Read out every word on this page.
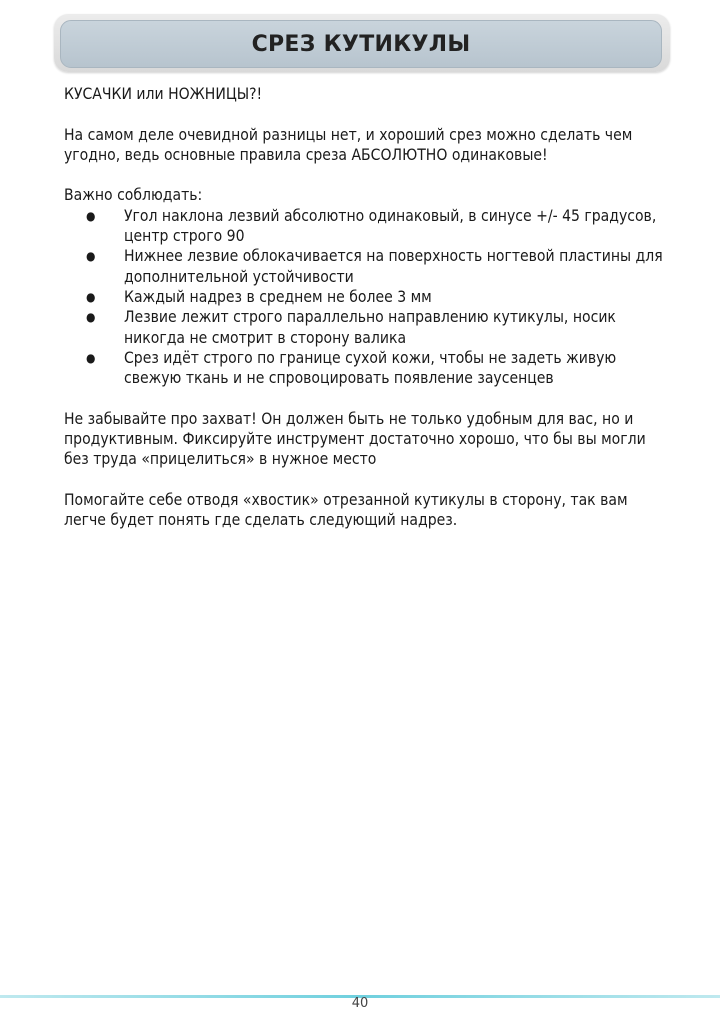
СРЕЗ КУТИКУЛЫ

КУСАЧКИ или НОЖНИЦЫ?!

На самом деле очевидной разницы нет, и хороший срез можно сделать чем угодно, ведь основные правила среза АБСОЛЮТНО одинаковые!

Важно соблюдать:

● Угол наклона лезвий абсолютно одинаковый, в синусе +/- 45 градусов, центр строго 90
● Нижнее лезвие облокачивается на поверхность ногтевой пластины для дополнительной устойчивости
● Каждый надрез в среднем не более 3 мм
● Лезвие лежит строго параллельно направлению кутикулы, носик никогда не смотрит в сторону валика
● Срез идёт строго по границе сухой кожи, чтобы не задеть живую свежую ткань и не спровоцировать появление заусенцев

Не забывайте про захват! Он должен быть не только удобным для вас, но и продуктивным. Фиксируйте инструмент достаточно хорошо, что бы вы могли без труда «прицелиться» в нужное место

Помогайте себе отводя «хвостик» отрезанной кутикулы в сторону, так вам легче будет понять где сделать следующий надрез.

40
